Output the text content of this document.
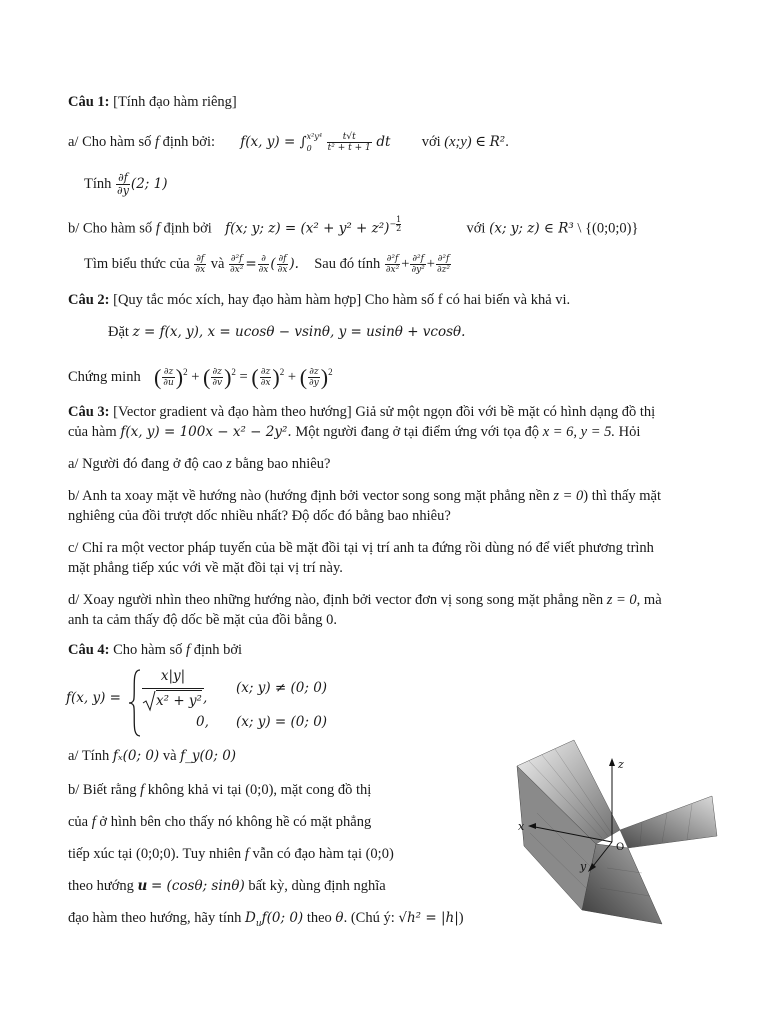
Câu 1: [Tính đạo hàm riêng]
a/ Cho hàm số f định bởi: f(x, y) = ∫ x²y⁴
0
	$\frac{t√t}{\text{t² + t + 1}}$ dt với (x;y) ∈ R².
Tính $\frac{\partial f}{\partial y} (2$; 1)
b/ Cho hàm số f định bởi f(x; y; $z) = (x^2 + y^2 + z^2)- \frac{1}{2}$	với (x; y; z) ∈ R³ \ {(0;0;0)}
Tìm biểu thức của $\frac{\partial f}{\partial x}$ và $\frac{\text{∂²f}}{\text{∂x²}} = \frac{\partial}{\partial x}$ ( $\frac{\partial f}{\partial x}$ ). Sau đó tính $\frac{\text{∂²f}}{\text{∂x²}} + \frac{\text{∂²f}}{\text{∂y²}} + \frac{\text{∂²f}}{\text{∂z²}}$
Câu 2: [Quy tắc móc xích, hay đạo hàm hàm hợp] Cho hàm số f có hai biến và khả vi.
Đặt z = f(x, y), x = ucosθ − vsinθ, y = usinθ + vcosθ.
Chứng minh ( $\frac{\partial z}{\partial u} )^2$ + ( $\frac{\partial z}{\partial v} )^2$ = ( $\frac{\partial z}{\partial x} )^2$ + ( $\frac{\partial z}{\partial y} )^2$
Câu 3: [Vector gradient và đạo hàm theo hướng] Giả sử một ngọn đồi với bề mặt có hình dạng đồ thị
của hàm f(x, y) = 100x − x² − 2y². Một người đang ở tại điểm ứng với tọa độ x = 6, y = 5. Hỏi
a/ Người đó đang ở độ cao z bằng bao nhiêu?
b/ Anh ta xoay mặt về hướng nào (hướng định bởi vector song song mặt phẳng nền z = 0) thì thấy mặt
nghiêng của đồi trượt dốc nhiều nhất? Độ dốc đó bằng bao nhiêu?
c/ Chỉ ra một vector pháp tuyến của bề mặt đồi tại vị trí anh ta đứng rồi dùng nó để viết phương trình
mặt phẳng tiếp xúc với về mặt đồi tại vị trí này.
d/ Xoay người nhìn theo những hướng nào, định bởi vector đơn vị song song mặt phẳng nền z = 0, mà
anh ta cảm thấy độ dốc bề mặt của đồi bằng 0.
Câu 4: Cho hàm số f định bởi
f(x, y) =
x|y|
x² + y² ,
(x; y) ≠ (0; 0)
0, (x; y) = (0; 0)
a/ Tính fₓ(0; 0) và f_y(0; 0)
b/ Biết rằng f không khả vi tại (0;0), mặt cong đồ thị
của f ở hình bên cho thấy nó không hề có mặt phẳng
tiếp xúc tại (0;0;0). Tuy nhiên f vẫn có đạo hàm tại (0;0)
theo hướng u = (cosθ; sinθ) bất kỳ, dùng định nghĩa
đạo hàm theo hướng, hãy tính $D_uf(0$; 0) theo θ. (Chú ý: √h² = |h|)
z
x
y
O
